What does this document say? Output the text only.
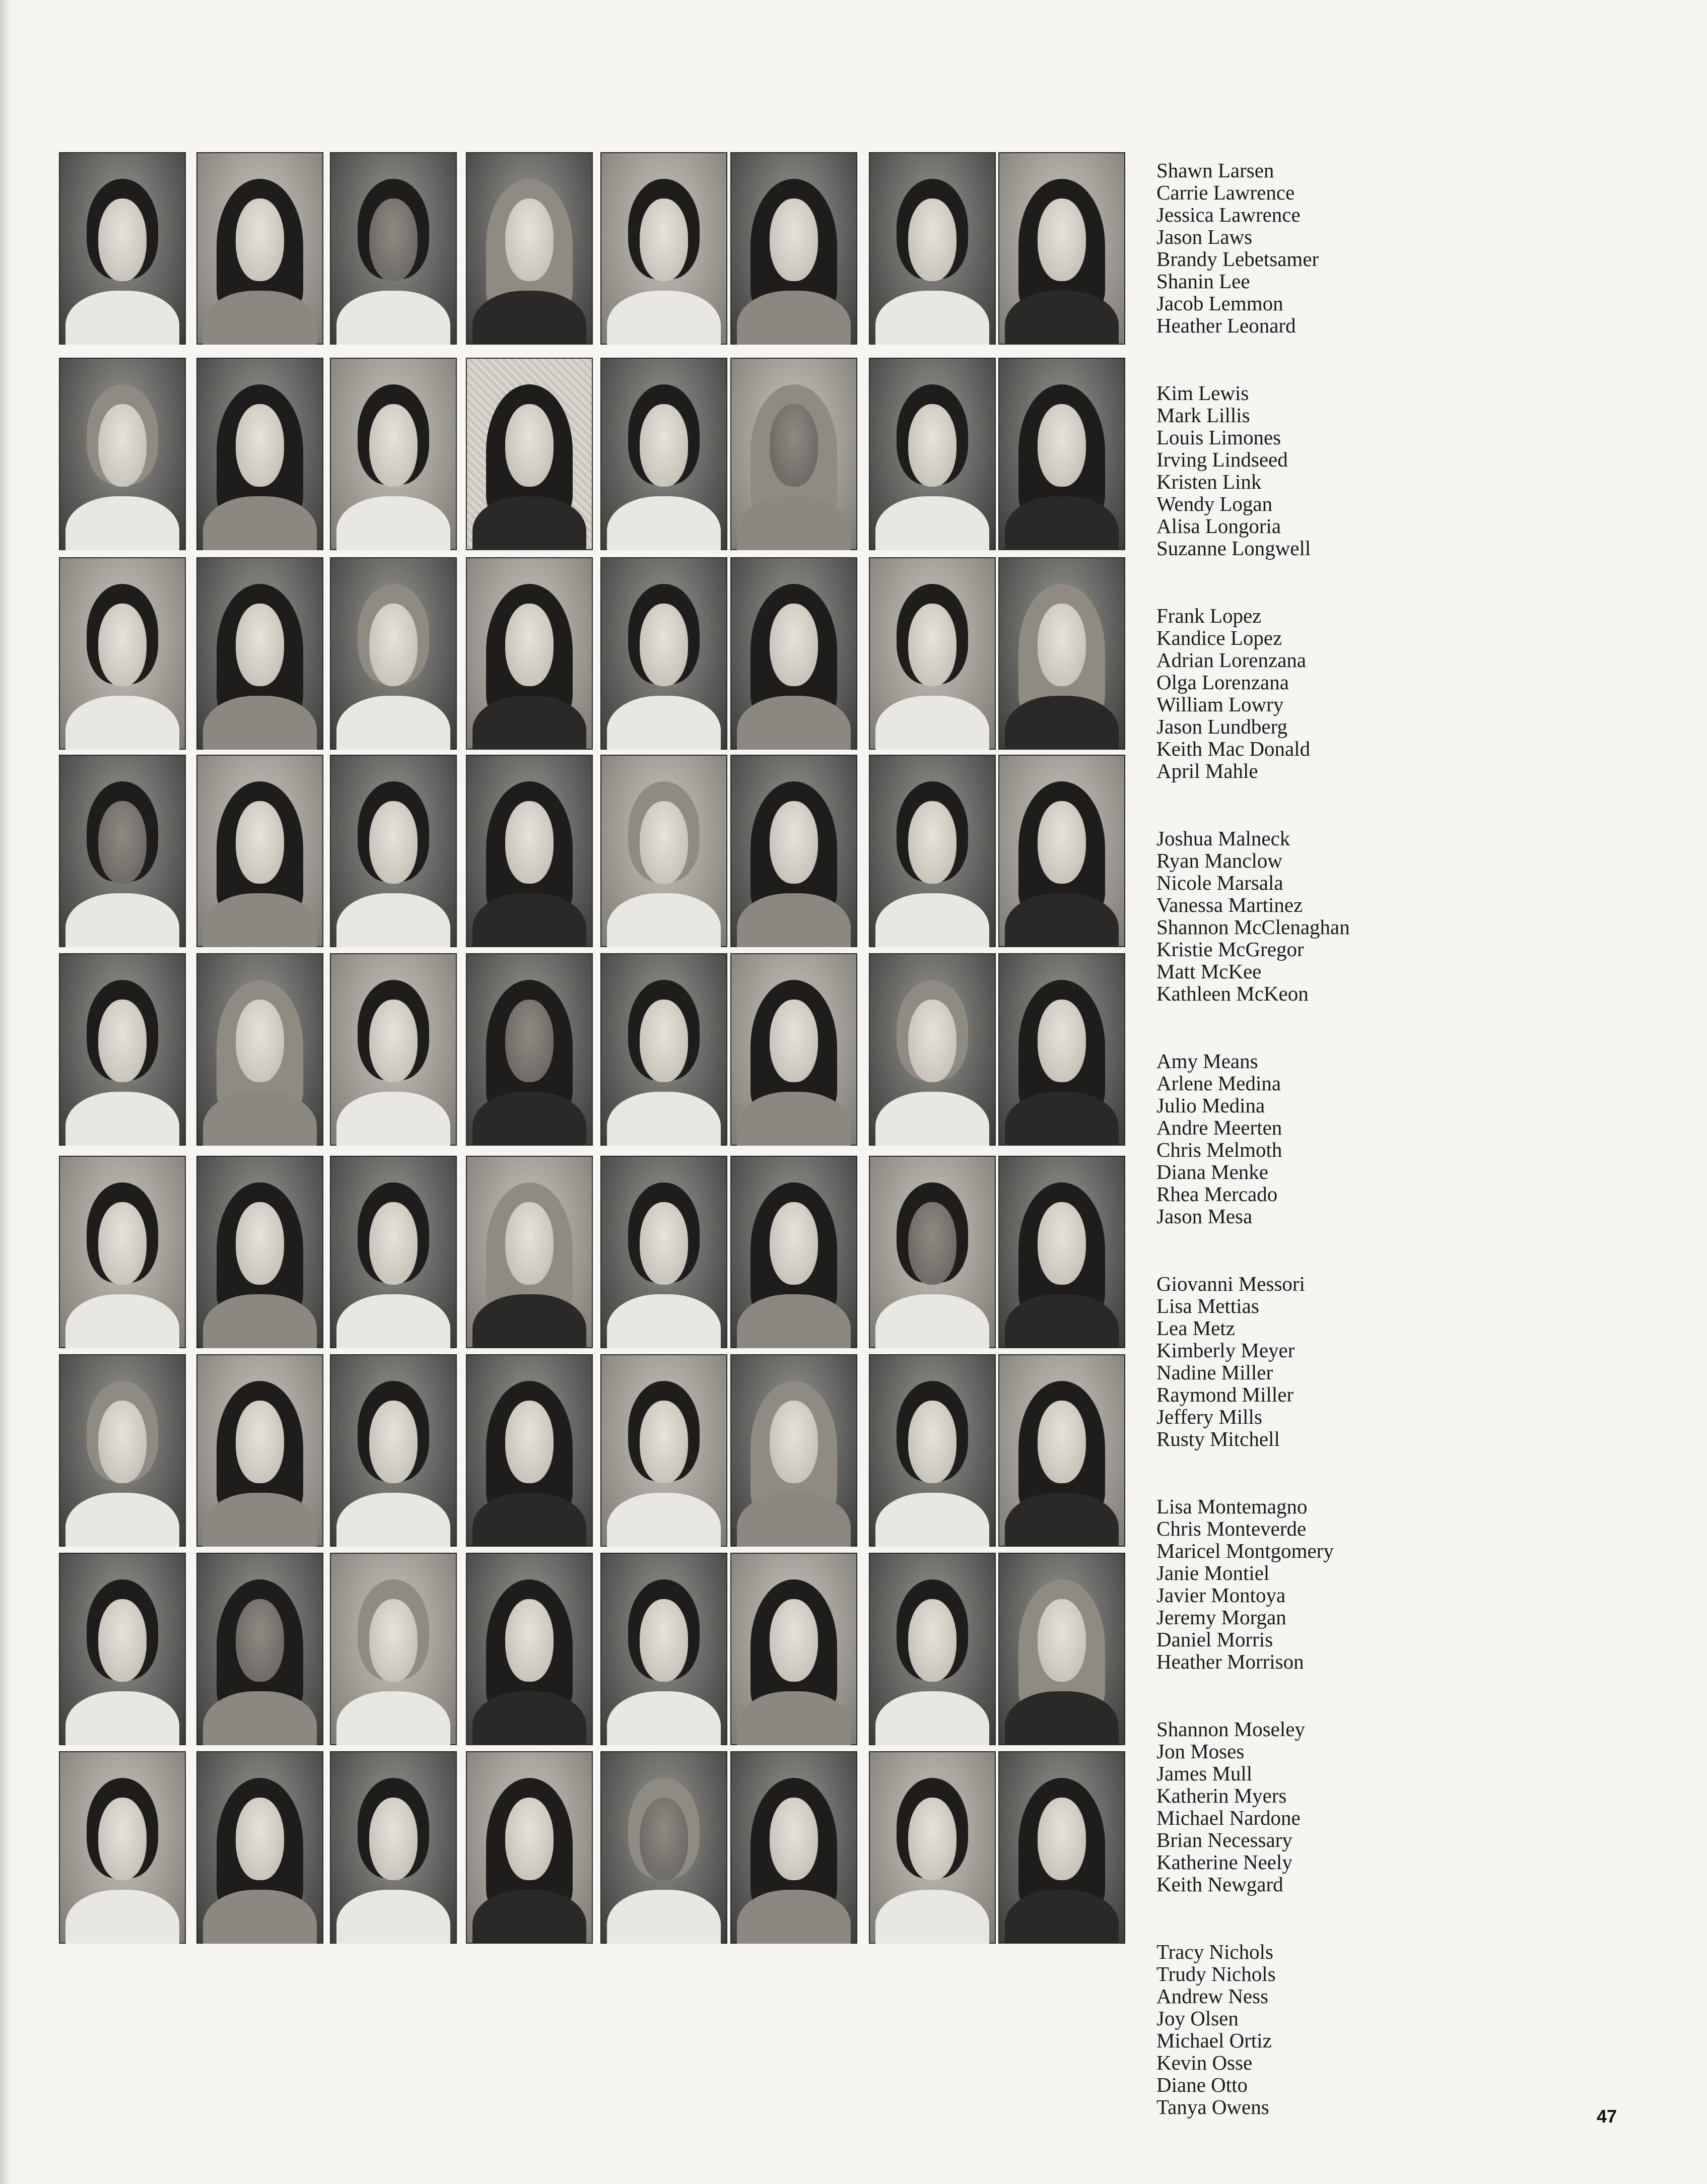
Shawn Larsen
Carrie Lawrence
Jessica Lawrence
Jason Laws
Brandy Lebetsamer
Shanin Lee
Jacob Lemmon
Heather Leonard
Kim Lewis
Mark Lillis
Louis Limones
Irving Lindseed
Kristen Link
Wendy Logan
Alisa Longoria
Suzanne Longwell
Frank Lopez
Kandice Lopez
Adrian Lorenzana
Olga Lorenzana
William Lowry
Jason Lundberg
Keith Mac Donald
April Mahle
Joshua Malneck
Ryan Manclow
Nicole Marsala
Vanessa Martinez
Shannon McClenaghan
Kristie McGregor
Matt McKee
Kathleen McKeon
Amy Means
Arlene Medina
Julio Medina
Andre Meerten
Chris Melmoth
Diana Menke
Rhea Mercado
Jason Mesa
Giovanni Messori
Lisa Mettias
Lea Metz
Kimberly Meyer
Nadine Miller
Raymond Miller
Jeffery Mills
Rusty Mitchell
Lisa Montemagno
Chris Monteverde
Maricel Montgomery
Janie Montiel
Javier Montoya
Jeremy Morgan
Daniel Morris
Heather Morrison
Shannon Moseley
Jon Moses
James Mull
Katherin Myers
Michael Nardone
Brian Necessary
Katherine Neely
Keith Newgard
Tracy Nichols
Trudy Nichols
Andrew Ness
Joy Olsen
Michael Ortiz
Kevin Osse
Diane Otto
Tanya Owens	47
